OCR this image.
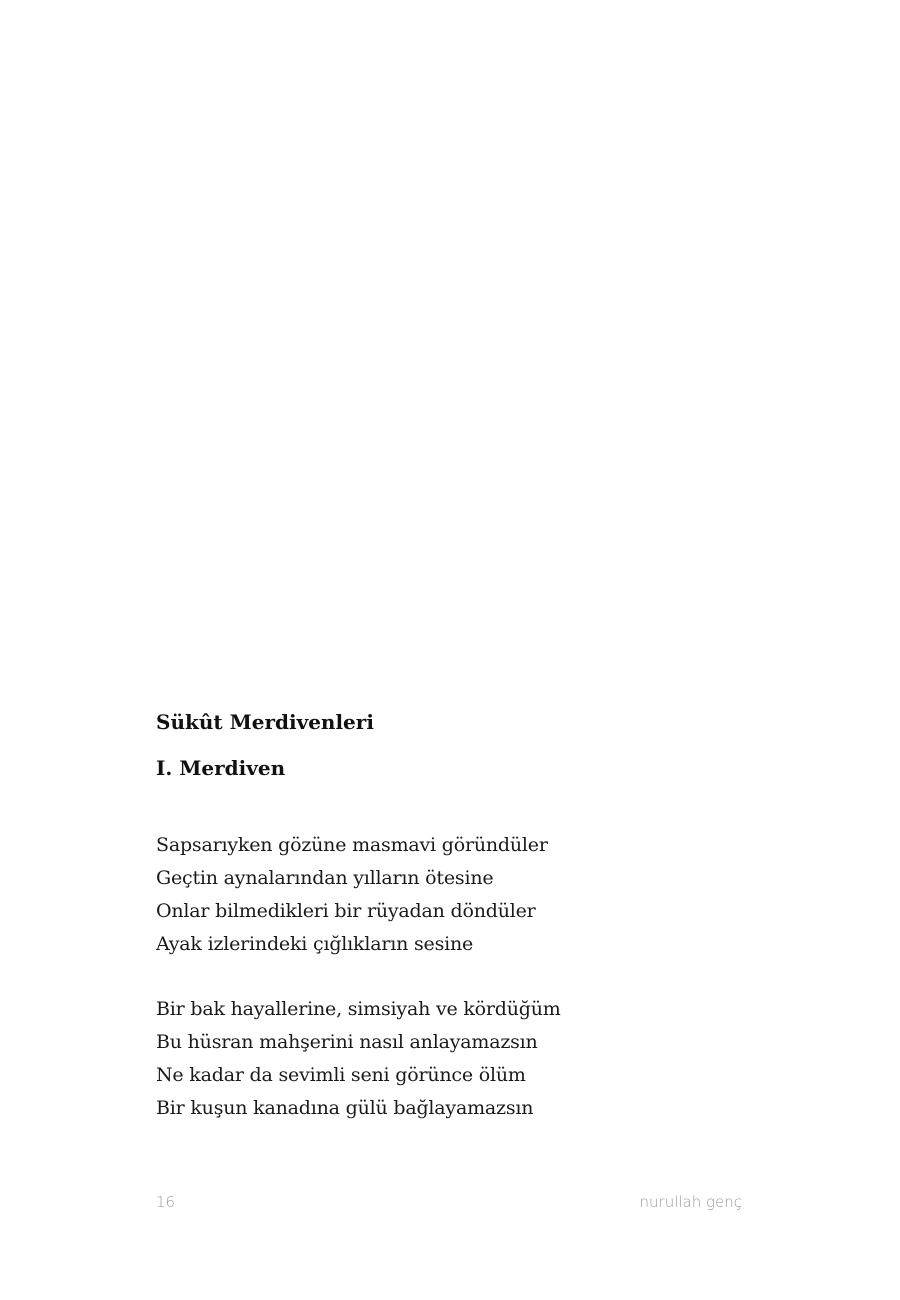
Sükût Merdivenleri
I. Merdiven
Sapsarıyken gözüne masmavi göründüler
Geçtin aynalarından yılların ötesine
Onlar bilmedikleri bir rüyadan döndüler
Ayak izlerindeki çığlıkların sesine
Bir bak hayallerine, simsiyah ve kördüğüm
Bu hüsran mahşerini nasıl anlayamazsın
Ne kadar da sevimli seni görünce ölüm
Bir kuşun kanadına gülü bağlayamazsın
16	nurullah genç
